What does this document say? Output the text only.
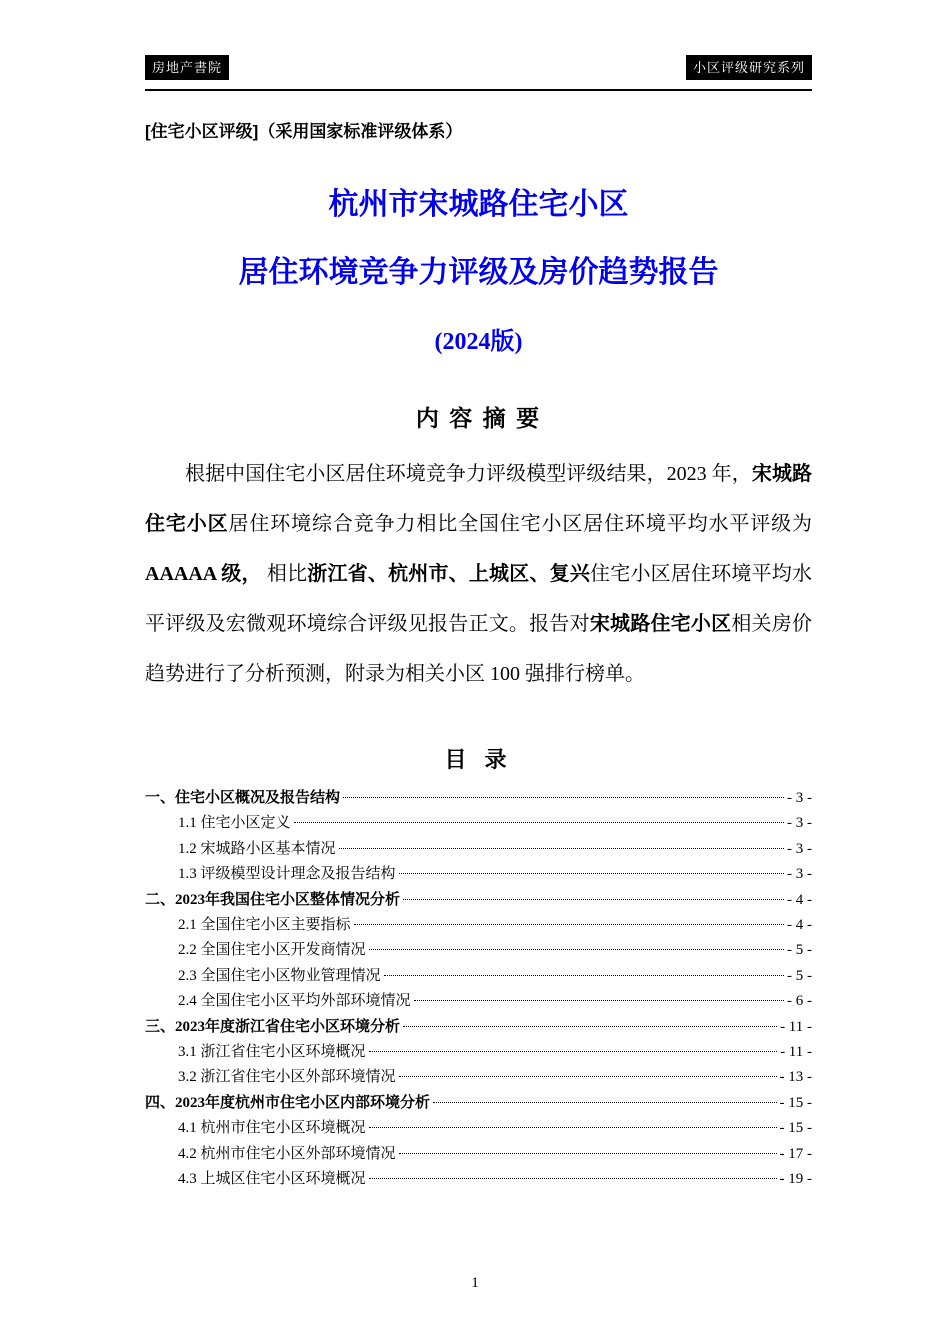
房地产書院	小区评级研究系列
[住宅小区评级]（采用国家标准评级体系）
杭州市宋城路住宅小区
居住环境竞争力评级及房价趋势报告
(2024版)
内 容 摘 要

根据中国住宅小区居住环境竞争力评级模型评级结果，2023 年，宋城路住宅小区居住环境综合竞争力相比全国住宅小区居住环境平均水平评级为 AAAAA 级， 相比浙江省、杭州市、上城区、复兴住宅小区居住环境平均水平评级及宏微观环境综合评级见报告正文。报告对宋城路住宅小区相关房价趋势进行了分析预测，附录为相关小区 100 强排行榜单。

目 录
一、住宅小区概况及报告结构	- 3 -
1.1 住宅小区定义	- 3 -
1.2 宋城路小区基本情况	- 3 -
1.3 评级模型设计理念及报告结构	- 3 -
二、2023年我国住宅小区整体情况分析	- 4 -
2.1 全国住宅小区主要指标	- 4 -
2.2 全国住宅小区开发商情况	- 5 -
2.3 全国住宅小区物业管理情况	- 5 -
2.4 全国住宅小区平均外部环境情况	- 6 -
三、2023年度浙江省住宅小区环境分析	- 11 -
3.1 浙江省住宅小区环境概况	- 11 -
3.2 浙江省住宅小区外部环境情况	- 13 -
四、2023年度杭州市住宅小区内部环境分析	- 15 -
4.1 杭州市住宅小区环境概况	- 15 -
4.2 杭州市住宅小区外部环境情况	- 17 -
4.3 上城区住宅小区环境概况	- 19 -
1
